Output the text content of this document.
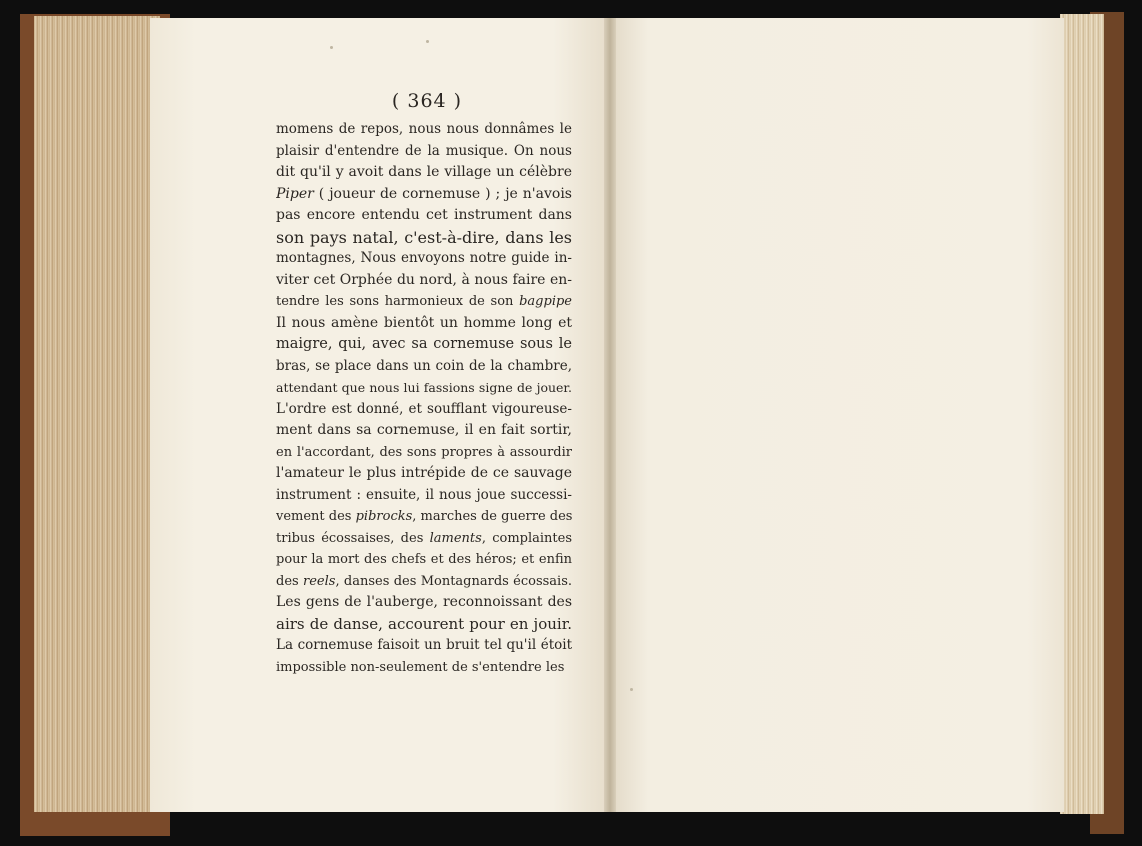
( 364 )
momens de repos, nous nous donnâmes le
plaisir d'entendre de la musique. On nous
dit qu'il y avoit dans le village un célèbre
Piper ( joueur de cornemuse ) ; je n'avois
pas encore entendu cet instrument dans
son pays natal, c'est-à-dire, dans les
montagnes, Nous envoyons notre guide in-
viter cet Orphée du nord, à nous faire en-
tendre les sons harmonieux de son bagpipe
Il nous amène bientôt un homme long et
maigre, qui, avec sa cornemuse sous le
bras, se place dans un coin de la chambre,
attendant que nous lui fassions signe de jouer.
L'ordre est donné, et soufflant vigoureuse-
ment dans sa cornemuse, il en fait sortir,
en l'accordant, des sons propres à assourdir
l'amateur le plus intrépide de ce sauvage
instrument : ensuite, il nous joue successi-
vement des pibrocks, marches de guerre des
tribus écossaises, des laments, complaintes
pour la mort des chefs et des héros; et enfin
des reels, danses des Montagnards écossais.
Les gens de l'auberge, reconnoissant des
airs de danse, accourent pour en jouir.
La cornemuse faisoit un bruit tel qu'il étoit
impossible non-seulement de s'entendre les
